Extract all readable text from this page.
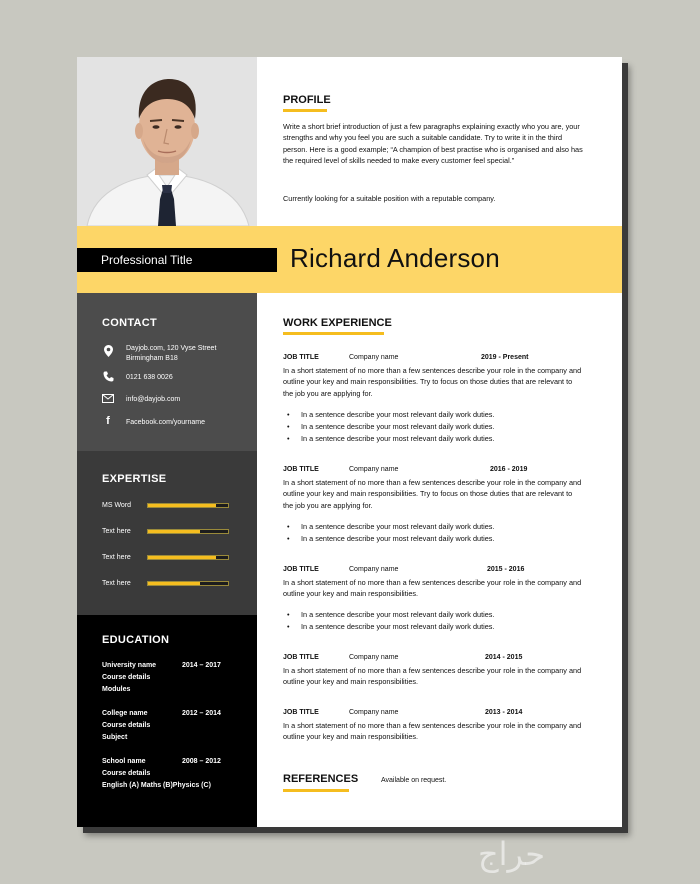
Professional Title	Richard Anderson
CONTACT
Dayjob.com, 120 Vyse Street Birmingham B18
0121 638 0026
info@dayjob.com
f	Facebook.com/yourname
EXPERTISE
MS Word
Text here
Text here
Text here
EDUCATION
University name
Course details
Modules
2014 – 2017
College name
Course details
Subject
2012 – 2014
School name
Course details
English (A) Maths (B)Physics (C)
2008 – 2012
PROFILE
Write a short brief introduction of just a few paragraphs explaining exactly who you are, your strengths and why you feel you are such a suitable candidate. Try to write it in the third person. Here is a good example; “A champion of best practise who is organised and also has the required level of skills needed to make every customer feel special.”
Currently looking for a suitable position with a reputable company.
WORK EXPERIENCE
JOB TITLE	Company name	2019 - Present
In a short statement of no more than a few sentences describe your role in the company and outline your key and main responsibilities. Try to focus on those duties that are relevant to the job you are applying for.
• In a sentence describe your most relevant daily work duties.
• In a sentence describe your most relevant daily work duties.
• In a sentence describe your most relevant daily work duties.
JOB TITLE	Company name	2016 - 2019
In a short statement of no more than a few sentences describe your role in the company and outline your key and main responsibilities. Try to focus on those duties that are relevant to the job you are applying for.
• In a sentence describe your most relevant daily work duties.
• In a sentence describe your most relevant daily work duties.
JOB TITLE	Company name	2015 - 2016
In a short statement of no more than a few sentences describe your role in the company and outline your key and main responsibilities.
• In a sentence describe your most relevant daily work duties.
• In a sentence describe your most relevant daily work duties.
JOB TITLE	Company name	2014 - 2015
In a short statement of no more than a few sentences describe your role in the company and outline your key and main responsibilities.
JOB TITLE	Company name	2013 - 2014
In a short statement of no more than a few sentences describe your role in the company and outline your key and main responsibilities.
REFERENCES	Available on request.
حراج
